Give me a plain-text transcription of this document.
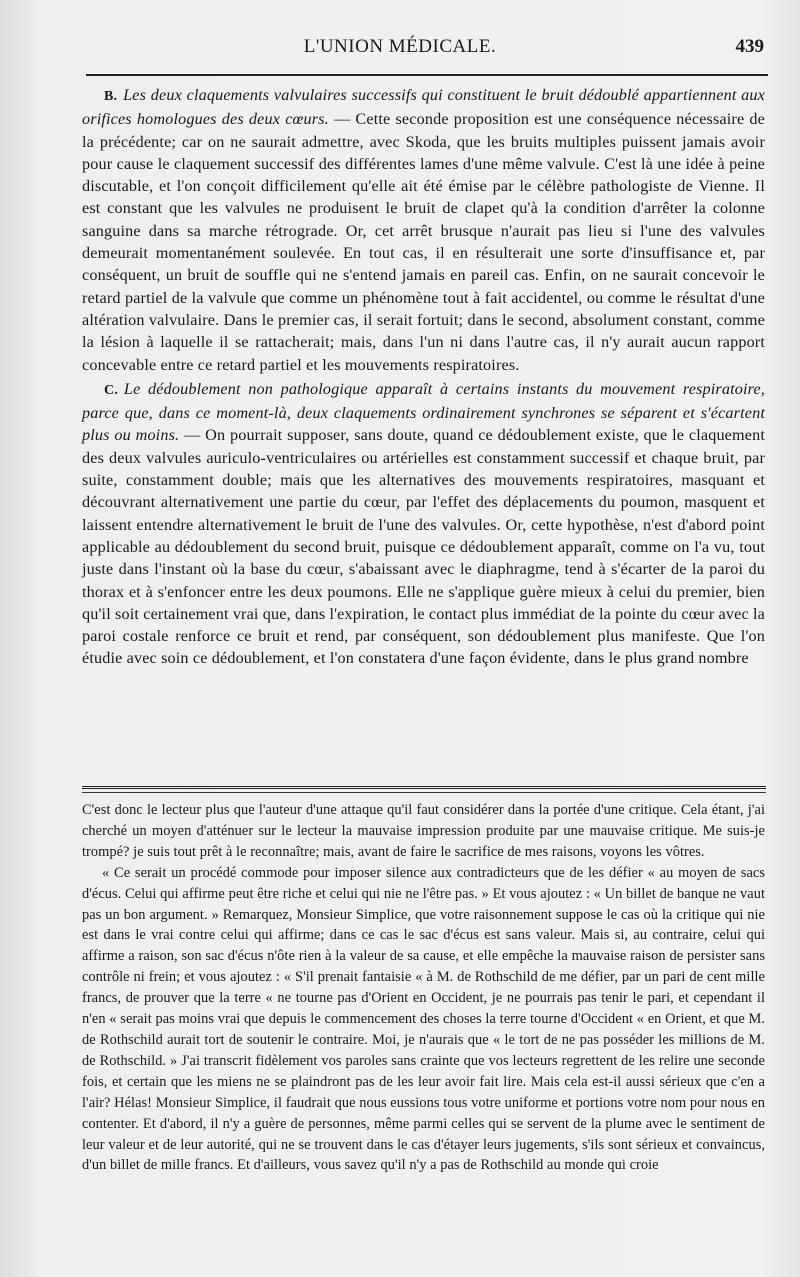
L'UNION MÉDICALE.	439

B. Les deux claquements valvulaires successifs qui constituent le bruit dédoublé appartiennent aux orifices homologues des deux cœurs. — Cette seconde proposition est une conséquence nécessaire de la précédente; car on ne saurait admettre, avec Skoda, que les bruits multiples puissent jamais avoir pour cause le claquement successif des différentes lames d'une même valvule. C'est là une idée à peine discutable, et l'on conçoit difficilement qu'elle ait été émise par le célèbre pathologiste de Vienne. Il est constant que les valvules ne produisent le bruit de clapet qu'à la condition d'arrêter la colonne sanguine dans sa marche rétrograde. Or, cet arrêt brusque n'aurait pas lieu si l'une des valvules demeurait momentanément soulevée. En tout cas, il en résulterait une sorte d'insuffisance et, par conséquent, un bruit de souffle qui ne s'entend jamais en pareil cas. Enfin, on ne saurait concevoir le retard partiel de la valvule que comme un phénomène tout à fait accidentel, ou comme le résultat d'une altération valvulaire. Dans le premier cas, il serait fortuit; dans le second, absolument constant, comme la lésion à laquelle il se rattacherait; mais, dans l'un ni dans l'autre cas, il n'y aurait aucun rapport concevable entre ce retard partiel et les mouvements respiratoires.

C. Le dédoublement non pathologique apparaît à certains instants du mouvement respiratoire, parce que, dans ce moment-là, deux claquements ordinairement synchrones se séparent et s'écartent plus ou moins. — On pourrait supposer, sans doute, quand ce dédoublement existe, que le claquement des deux valvules auriculo-ventriculaires ou artérielles est constamment successif et chaque bruit, par suite, constamment double; mais que les alternatives des mouvements respiratoires, masquant et découvrant alternativement une partie du cœur, par l'effet des déplacements du poumon, masquent et laissent entendre alternativement le bruit de l'une des valvules. Or, cette hypothèse, n'est d'abord point applicable au dédoublement du second bruit, puisque ce dédoublement apparaît, comme on l'a vu, tout juste dans l'instant où la base du cœur, s'abaissant avec le diaphragme, tend à s'écarter de la paroi du thorax et à s'enfoncer entre les deux poumons. Elle ne s'applique guère mieux à celui du premier, bien qu'il soit certainement vrai que, dans l'expiration, le contact plus immédiat de la pointe du cœur avec la paroi costale renforce ce bruit et rend, par conséquent, son dédoublement plus manifeste. Que l'on étudie avec soin ce dédoublement, et l'on constatera d'une façon évidente, dans le plus grand nombre

C'est donc le lecteur plus que l'auteur d'une attaque qu'il faut considérer dans la portée d'une critique. Cela étant, j'ai cherché un moyen d'atténuer sur le lecteur la mauvaise impression produite par une mauvaise critique. Me suis-je trompé? je suis tout prêt à le reconnaître; mais, avant de faire le sacrifice de mes raisons, voyons les vôtres.

« Ce serait un procédé commode pour imposer silence aux contradicteurs que de les défier « au moyen de sacs d'écus. Celui qui affirme peut être riche et celui qui nie ne l'être pas. » Et vous ajoutez : « Un billet de banque ne vaut pas un bon argument. » Remarquez, Monsieur Simplice, que votre raisonnement suppose le cas où la critique qui nie est dans le vrai contre celui qui affirme; dans ce cas le sac d'écus est sans valeur. Mais si, au contraire, celui qui affirme a raison, son sac d'écus n'ôte rien à la valeur de sa cause, et elle empêche la mauvaise raison de persister sans contrôle ni frein; et vous ajoutez : « S'il prenait fantaisie « à M. de Rothschild de me défier, par un pari de cent mille francs, de prouver que la terre « ne tourne pas d'Orient en Occident, je ne pourrais pas tenir le pari, et cependant il n'en « serait pas moins vrai que depuis le commencement des choses la terre tourne d'Occident « en Orient, et que M. de Rothschild aurait tort de soutenir le contraire. Moi, je n'aurais que « le tort de ne pas posséder les millions de M. de Rothschild. » J'ai transcrit fidèlement vos paroles sans crainte que vos lecteurs regrettent de les relire une seconde fois, et certain que les miens ne se plaindront pas de les leur avoir fait lire. Mais cela est-il aussi sérieux que c'en a l'air? Hélas! Monsieur Simplice, il faudrait que nous eussions tous votre uniforme et portions votre nom pour nous en contenter. Et d'abord, il n'y a guère de personnes, même parmi celles qui se servent de la plume avec le sentiment de leur valeur et de leur autorité, qui ne se trouvent dans le cas d'étayer leurs jugements, s'ils sont sérieux et convaincus, d'un billet de mille francs. Et d'ailleurs, vous savez qu'il n'y a pas de Rothschild au monde qui croie
